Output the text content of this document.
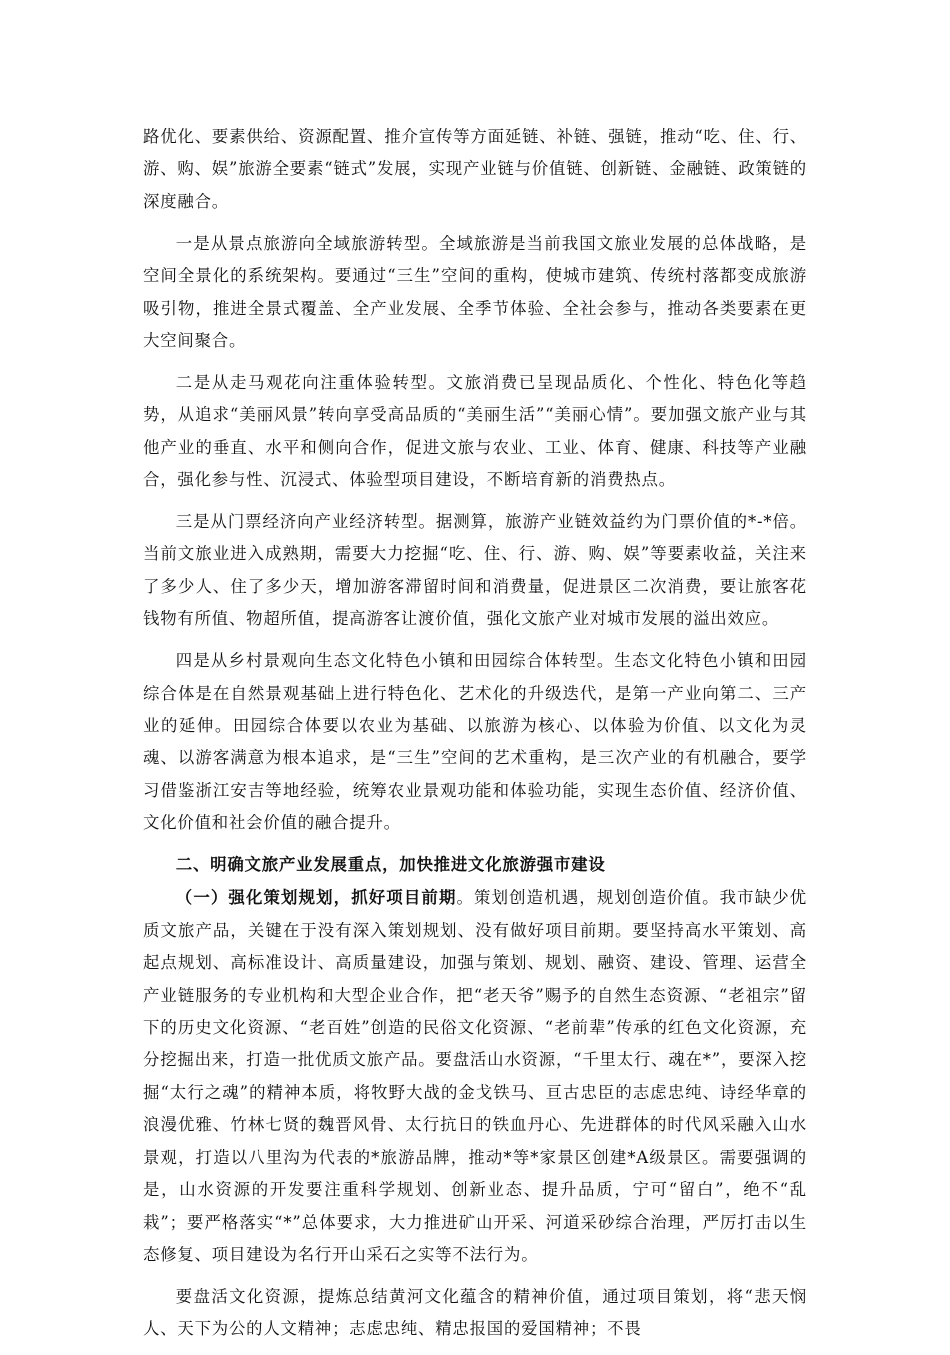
路优化、要素供给、资源配置、推介宣传等方面延链、补链、强链，推动“吃、住、行、游、购、娱”旅游全要素“链式”发展，实现产业链与价值链、创新链、金融链、政策链的深度融合。

一是从景点旅游向全域旅游转型。全域旅游是当前我国文旅业发展的总体战略，是空间全景化的系统架构。要通过“三生”空间的重构，使城市建筑、传统村落都变成旅游吸引物，推进全景式覆盖、全产业发展、全季节体验、全社会参与，推动各类要素在更大空间聚合。

二是从走马观花向注重体验转型。文旅消费已呈现品质化、个性化、特色化等趋势，从追求“美丽风景”转向享受高品质的“美丽生活”“美丽心情”。要加强文旅产业与其他产业的垂直、水平和侧向合作，促进文旅与农业、工业、体育、健康、科技等产业融合，强化参与性、沉浸式、体验型项目建设，不断培育新的消费热点。

三是从门票经济向产业经济转型。据测算，旅游产业链效益约为门票价值的*-*倍。当前文旅业进入成熟期，需要大力挖掘“吃、住、行、游、购、娱”等要素收益，关注来了多少人、住了多少天，增加游客滞留时间和消费量，促进景区二次消费，要让旅客花钱物有所值、物超所值，提高游客让渡价值，强化文旅产业对城市发展的溢出效应。

四是从乡村景观向生态文化特色小镇和田园综合体转型。生态文化特色小镇和田园综合体是在自然景观基础上进行特色化、艺术化的升级迭代，是第一产业向第二、三产业的延伸。田园综合体要以农业为基础、以旅游为核心、以体验为价值、以文化为灵魂、以游客满意为根本追求，是“三生”空间的艺术重构，是三次产业的有机融合，要学习借鉴浙江安吉等地经验，统筹农业景观功能和体验功能，实现生态价值、经济价值、文化价值和社会价值的融合提升。

二、明确文旅产业发展重点，加快推进文化旅游强市建设

（一）强化策划规划，抓好项目前期。策划创造机遇，规划创造价值。我市缺少优质文旅产品，关键在于没有深入策划规划、没有做好项目前期。要坚持高水平策划、高起点规划、高标准设计、高质量建设，加强与策划、规划、融资、建设、管理、运营全产业链服务的专业机构和大型企业合作，把“老天爷”赐予的自然生态资源、“老祖宗”留下的历史文化资源、“老百姓”创造的民俗文化资源、“老前辈”传承的红色文化资源，充分挖掘出来，打造一批优质文旅产品。要盘活山水资源，“千里太行、魂在*”，要深入挖掘“太行之魂”的精神本质，将牧野大战的金戈铁马、亘古忠臣的志虑忠纯、诗经华章的浪漫优雅、竹林七贤的魏晋风骨、太行抗日的铁血丹心、先进群体的时代风采融入山水景观，打造以八里沟为代表的*旅游品牌，推动*等*家景区创建*A级景区。需要强调的是，山水资源的开发要注重科学规划、创新业态、提升品质，宁可“留白”，绝不“乱栽”；要严格落实“*”总体要求，大力推进矿山开采、河道采砂综合治理，严厉打击以生态修复、项目建设为名行开山采石之实等不法行为。

要盘活文化资源，提炼总结黄河文化蕴含的精神价值，通过项目策划，将“悲天悯人、天下为公的人文精神；志虑忠纯、精忠报国的爱国精神；不畏
